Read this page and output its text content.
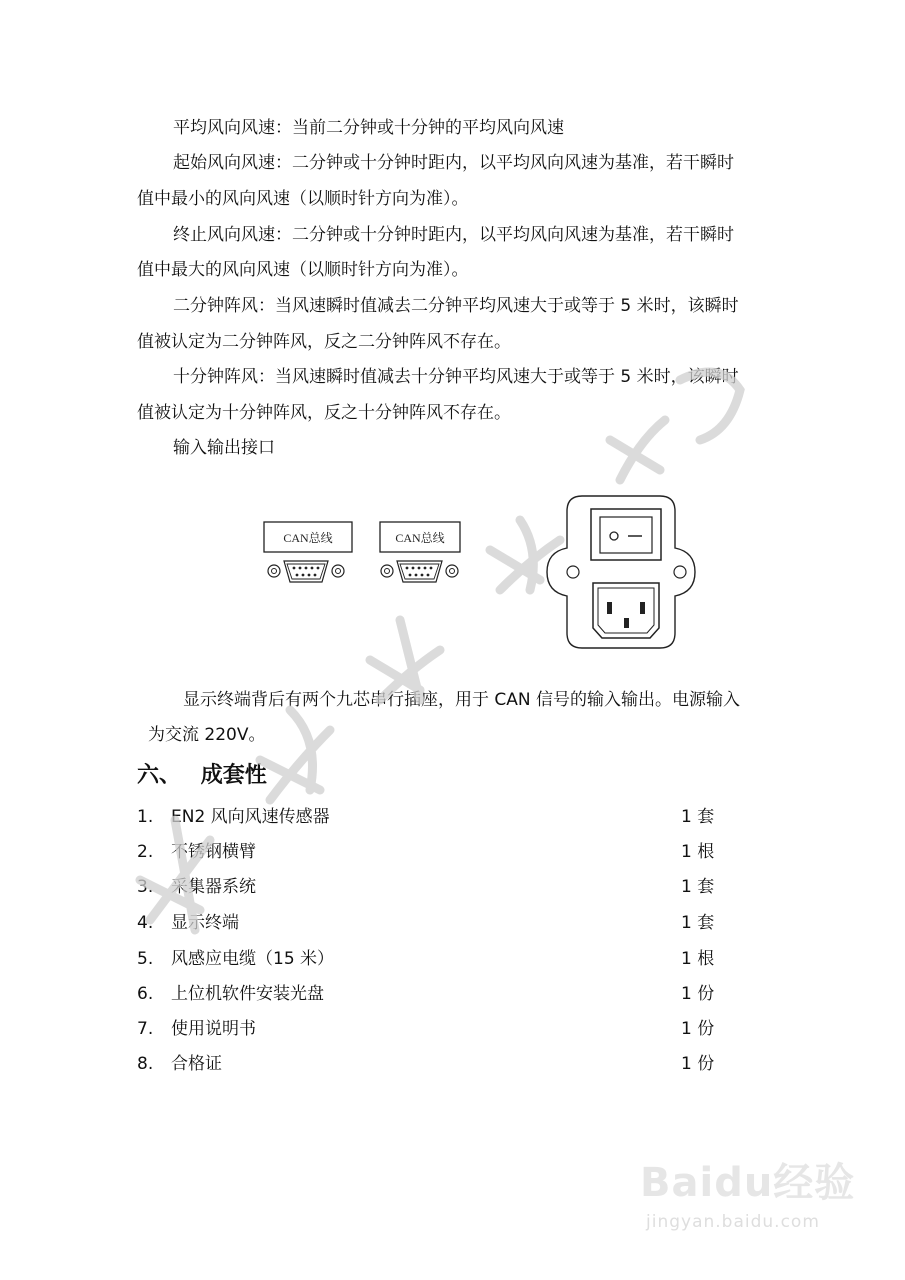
平均风向风速：当前二分钟或十分钟的平均风向风速
起始风向风速：二分钟或十分钟时距内，以平均风向风速为基准，若干瞬时
值中最小的风向风速（以顺时针方向为准）。
终止风向风速：二分钟或十分钟时距内，以平均风向风速为基准，若干瞬时
值中最大的风向风速（以顺时针方向为准）。
二分钟阵风：当风速瞬时值减去二分钟平均风速大于或等于 5 米时，该瞬时
值被认定为二分钟阵风，反之二分钟阵风不存在。
十分钟阵风：当风速瞬时值减去十分钟平均风速大于或等于 5 米时，该瞬时
值被认定为十分钟阵风，反之十分钟阵风不存在。
输入输出接口
CAN总线	CAN总线
显示终端背后有两个九芯串行插座，用于 CAN 信号的输入输出。电源输入
为交流 220V。
六、 成套性
1.	EN2 风向风速传感器	1 套
2.	不锈钢横臂	1 根
3.	采集器系统	1 套
4.	显示终端	1 套
5.	风感应电缆（15 米）	1 根
6.	上位机软件安装光盘	1 份
7.	使用说明书	1 份
8.	合格证	1 份
Baidu经验
jingyan.baidu.com
